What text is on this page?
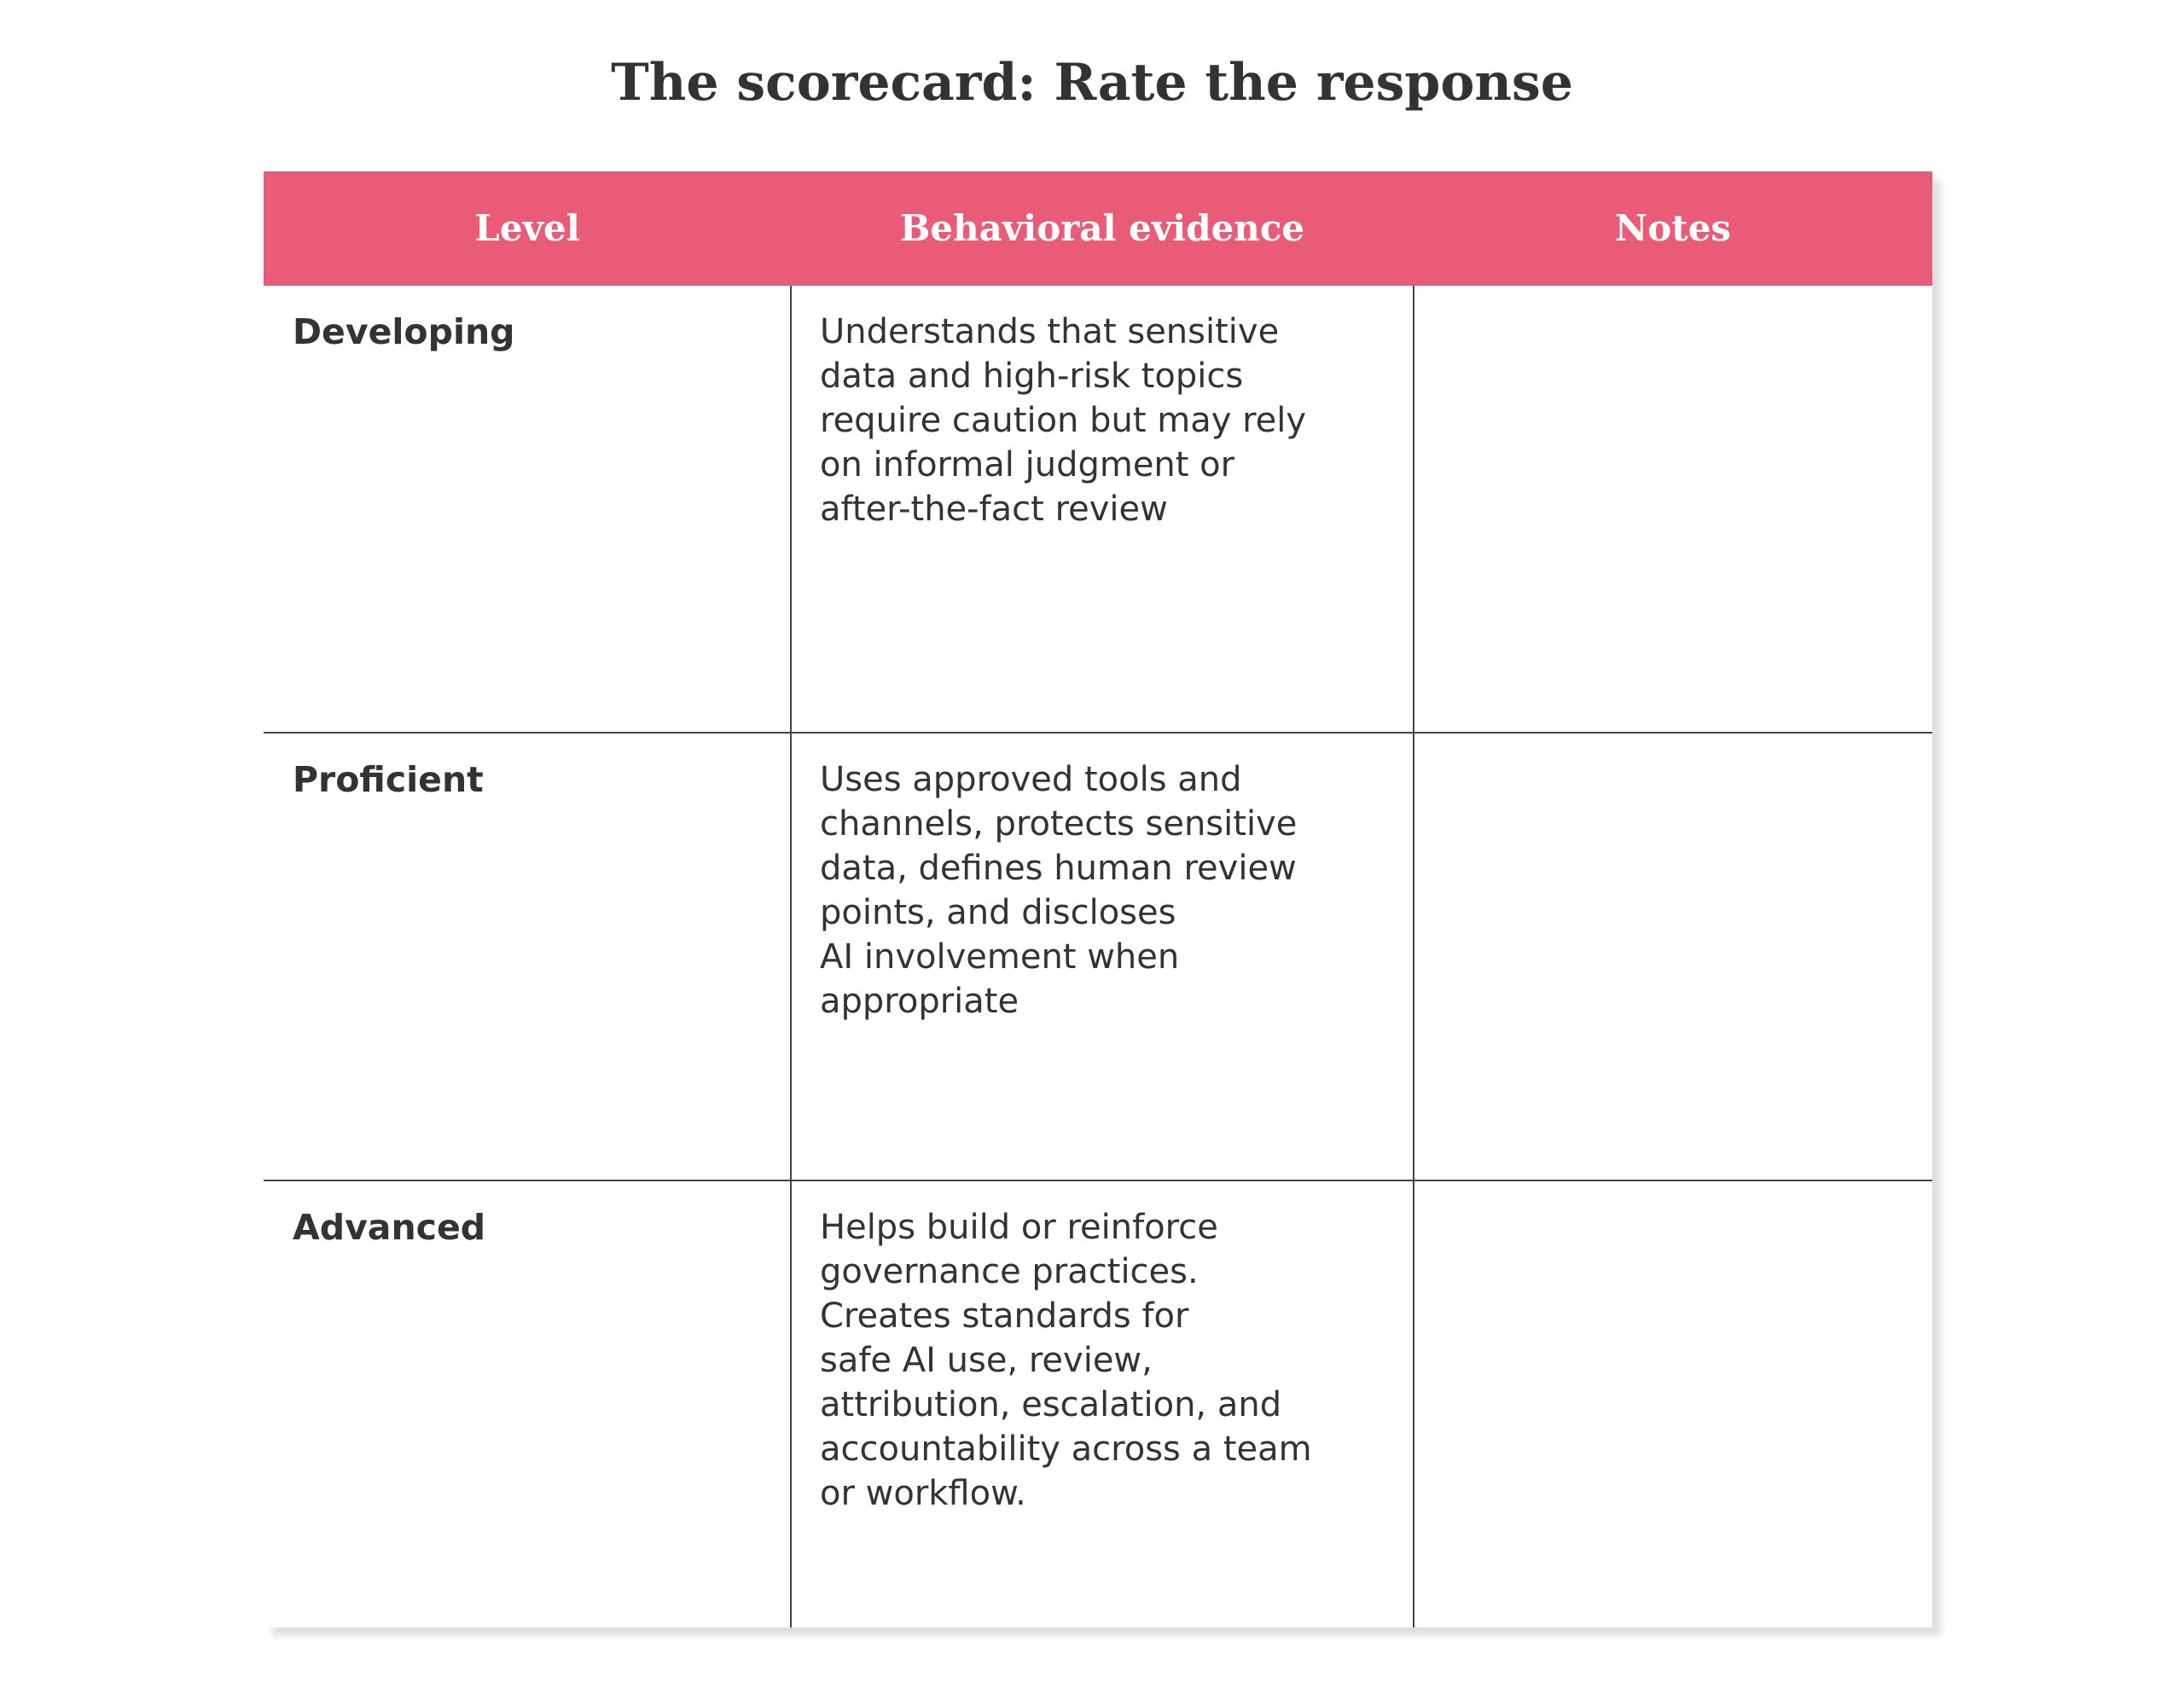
The scorecard: Rate the response
Level	Behavioral evidence	Notes
Developing	Understands that sensitive
data and high-risk topics
require caution but may rely
on informal judgment or
after-the-fact review
Proficient	Uses approved tools and
channels, protects sensitive
data, defines human review
points, and discloses
AI involvement when
appropriate
Advanced	Helps build or reinforce
governance practices.
Creates standards for
safe AI use, review,
attribution, escalation, and
accountability across a team
or workflow.
